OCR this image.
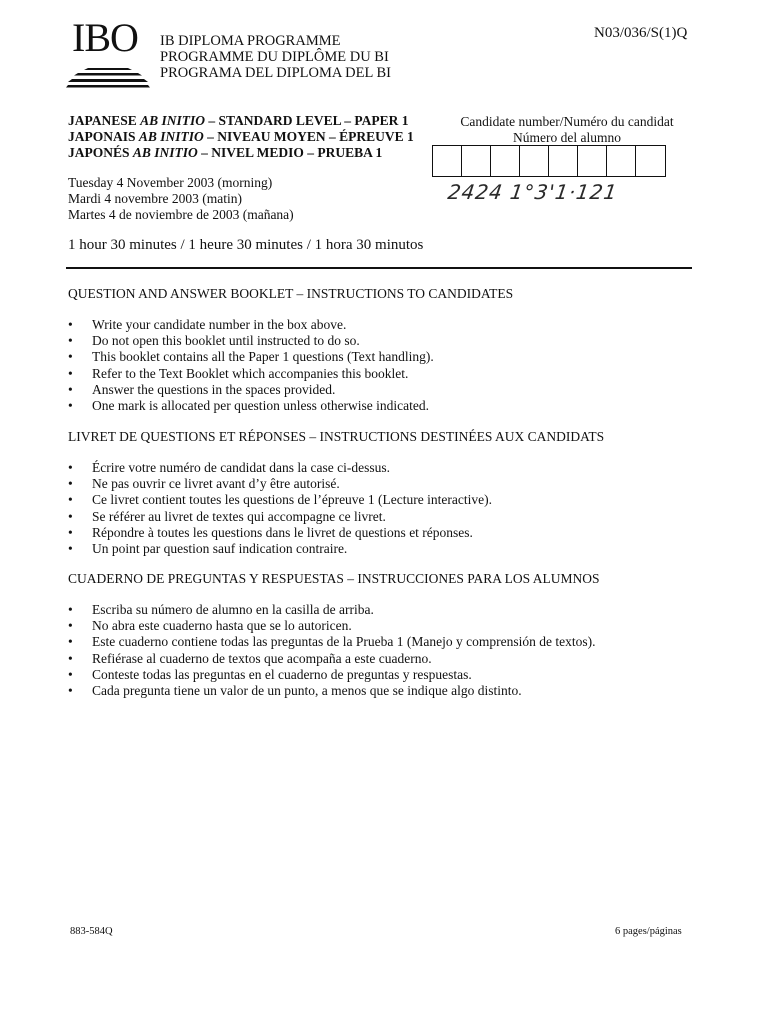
IBO IB DIPLOMA PROGRAMME
PROGRAMME DU DIPLÔME DU BI
PROGRAMA DEL DIPLOMA DEL BI
N03/036/S(1)Q
JAPANESE AB INITIO – STANDARD LEVEL – PAPER 1
JAPONAIS AB INITIO – NIVEAU MOYEN – ÉPREUVE 1
JAPONÉS AB INITIO – NIVEL MEDIO – PRUEBA 1
Candidate number/Numéro du candidat
Número del alumno
2424 1°3'1·121
Tuesday 4 November 2003 (morning)
Mardi 4 novembre 2003 (matin)
Martes 4 de noviembre de 2003 (mañana)
1 hour 30 minutes / 1 heure 30 minutes / 1 hora 30 minutos
QUESTION AND ANSWER BOOKLET – INSTRUCTIONS TO CANDIDATES
• Write your candidate number in the box above.
• Do not open this booklet until instructed to do so.
• This booklet contains all the Paper 1 questions (Text handling).
• Refer to the Text Booklet which accompanies this booklet.
• Answer the questions in the spaces provided.
• One mark is allocated per question unless otherwise indicated.
LIVRET DE QUESTIONS ET RÉPONSES – INSTRUCTIONS DESTINÉES AUX CANDIDATS
• Écrire votre numéro de candidat dans la case ci-dessus.
• Ne pas ouvrir ce livret avant d’y être autorisé.
• Ce livret contient toutes les questions de l’épreuve 1 (Lecture interactive).
• Se référer au livret de textes qui accompagne ce livret.
• Répondre à toutes les questions dans le livret de questions et réponses.
• Un point par question sauf indication contraire.
CUADERNO DE PREGUNTAS Y RESPUESTAS – INSTRUCCIONES PARA LOS ALUMNOS
• Escriba su número de alumno en la casilla de arriba.
• No abra este cuaderno hasta que se lo autoricen.
• Este cuaderno contiene todas las preguntas de la Prueba 1 (Manejo y comprensión de textos).
• Refiérase al cuaderno de textos que acompaña a este cuaderno.
• Conteste todas las preguntas en el cuaderno de preguntas y respuestas.
• Cada pregunta tiene un valor de un punto, a menos que se indique algo distinto.
883-584Q	6 pages/páginas
